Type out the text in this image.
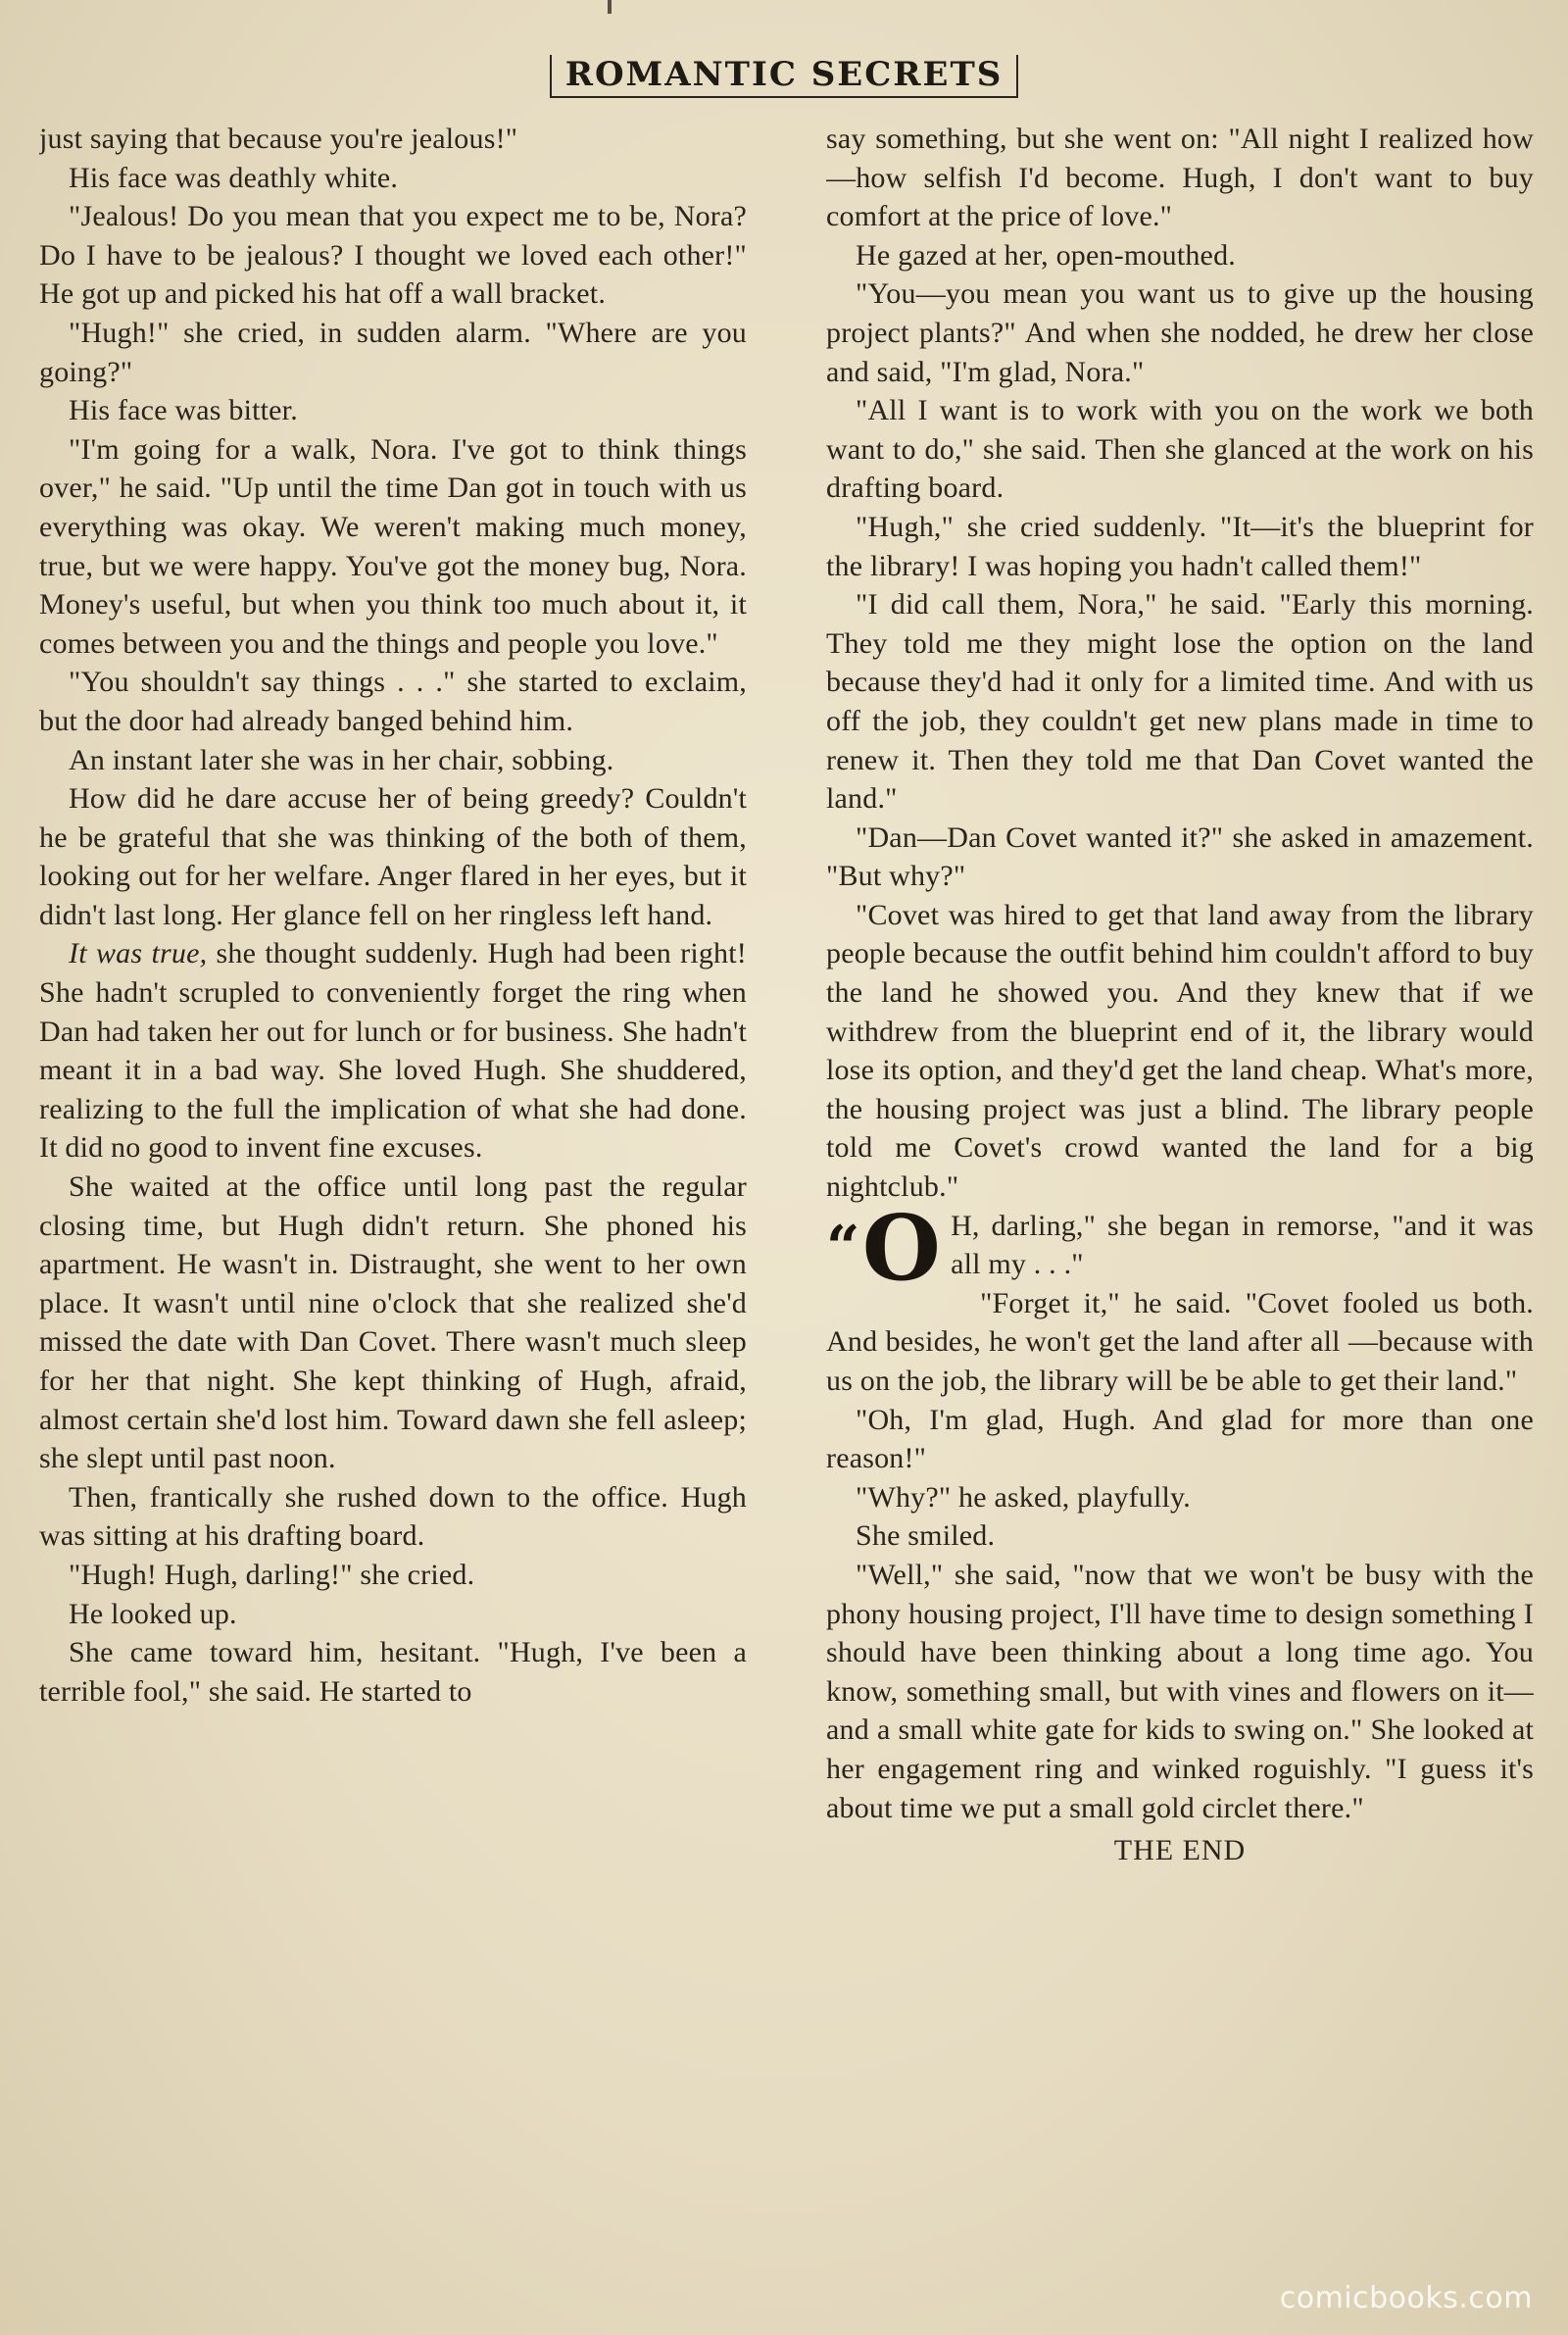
ROMANTIC SECRETS

just saying that because you're jealous!"

His face was deathly white.

"Jealous! Do you mean that you expect me to be, Nora? Do I have to be jealous? I thought we loved each other!" He got up and picked his hat off a wall bracket.

"Hugh!" she cried, in sudden alarm. "Where are you going?"

His face was bitter.

"I'm going for a walk, Nora. I've got to think things over," he said. "Up until the time Dan got in touch with us everything was okay. We weren't making much money, true, but we were happy. You've got the money bug, Nora. Money's useful, but when you think too much about it, it comes between you and the things and people you love."

"You shouldn't say things . . ." she started to exclaim, but the door had already banged behind him.

An instant later she was in her chair, sobbing.

How did he dare accuse her of being greedy? Couldn't he be grateful that she was thinking of the both of them, looking out for her welfare. Anger flared in her eyes, but it didn't last long. Her glance fell on her ringless left hand.

It was true, she thought suddenly. Hugh had been right! She hadn't scrupled to conveniently forget the ring when Dan had taken her out for lunch or for business. She hadn't meant it in a bad way. She loved Hugh. She shuddered, realizing to the full the implication of what she had done. It did no good to invent fine excuses.

She waited at the office until long past the regular closing time, but Hugh didn't return. She phoned his apartment. He wasn't in. Distraught, she went to her own place. It wasn't until nine o'clock that she realized she'd missed the date with Dan Covet. There wasn't much sleep for her that night. She kept thinking of Hugh, afraid, almost certain she'd lost him. Toward dawn she fell asleep; she slept until past noon.

Then, frantically she rushed down to the office. Hugh was sitting at his drafting board.

"Hugh! Hugh, darling!" she cried.

He looked up.

She came toward him, hesitant. "Hugh, I've been a terrible fool," she said. He started to

say something, but she went on: "All night I realized how—how selfish I'd become. Hugh, I don't want to buy comfort at the price of love."

He gazed at her, open-mouthed.

"You—you mean you want us to give up the housing project plants?" And when she nodded, he drew her close and said, "I'm glad, Nora."

"All I want is to work with you on the work we both want to do," she said. Then she glanced at the work on his drafting board.

"Hugh," she cried suddenly. "It—it's the blueprint for the library! I was hoping you hadn't called them!"

"I did call them, Nora," he said. "Early this morning. They told me they might lose the option on the land because they'd had it only for a limited time. And with us off the job, they couldn't get new plans made in time to renew it. Then they told me that Dan Covet wanted the land."

"Dan—Dan Covet wanted it?" she asked in amazement. "But why?"

"Covet was hired to get that land away from the library people because the outfit behind him couldn't afford to buy the land he showed you. And they knew that if we withdrew from the blueprint end of it, the library would lose its option, and they'd get the land cheap. What's more, the housing project was just a blind. The library people told me Covet's crowd wanted the land for a big nightclub."

“O H, darling," she began in remorse, "and it was all my . . ."

"Forget it," he said. "Covet fooled us both. And besides, he won't get the land after all —because with us on the job, the library will be be able to get their land."

"Oh, I'm glad, Hugh. And glad for more than one reason!"

"Why?" he asked, playfully.

She smiled.

"Well," she said, "now that we won't be busy with the phony housing project, I'll have time to design something I should have been thinking about a long time ago. You know, something small, but with vines and flowers on it—and a small white gate for kids to swing on." She looked at her engagement ring and winked roguishly. "I guess it's about time we put a small gold circlet there."

THE END

comicbooks.com
